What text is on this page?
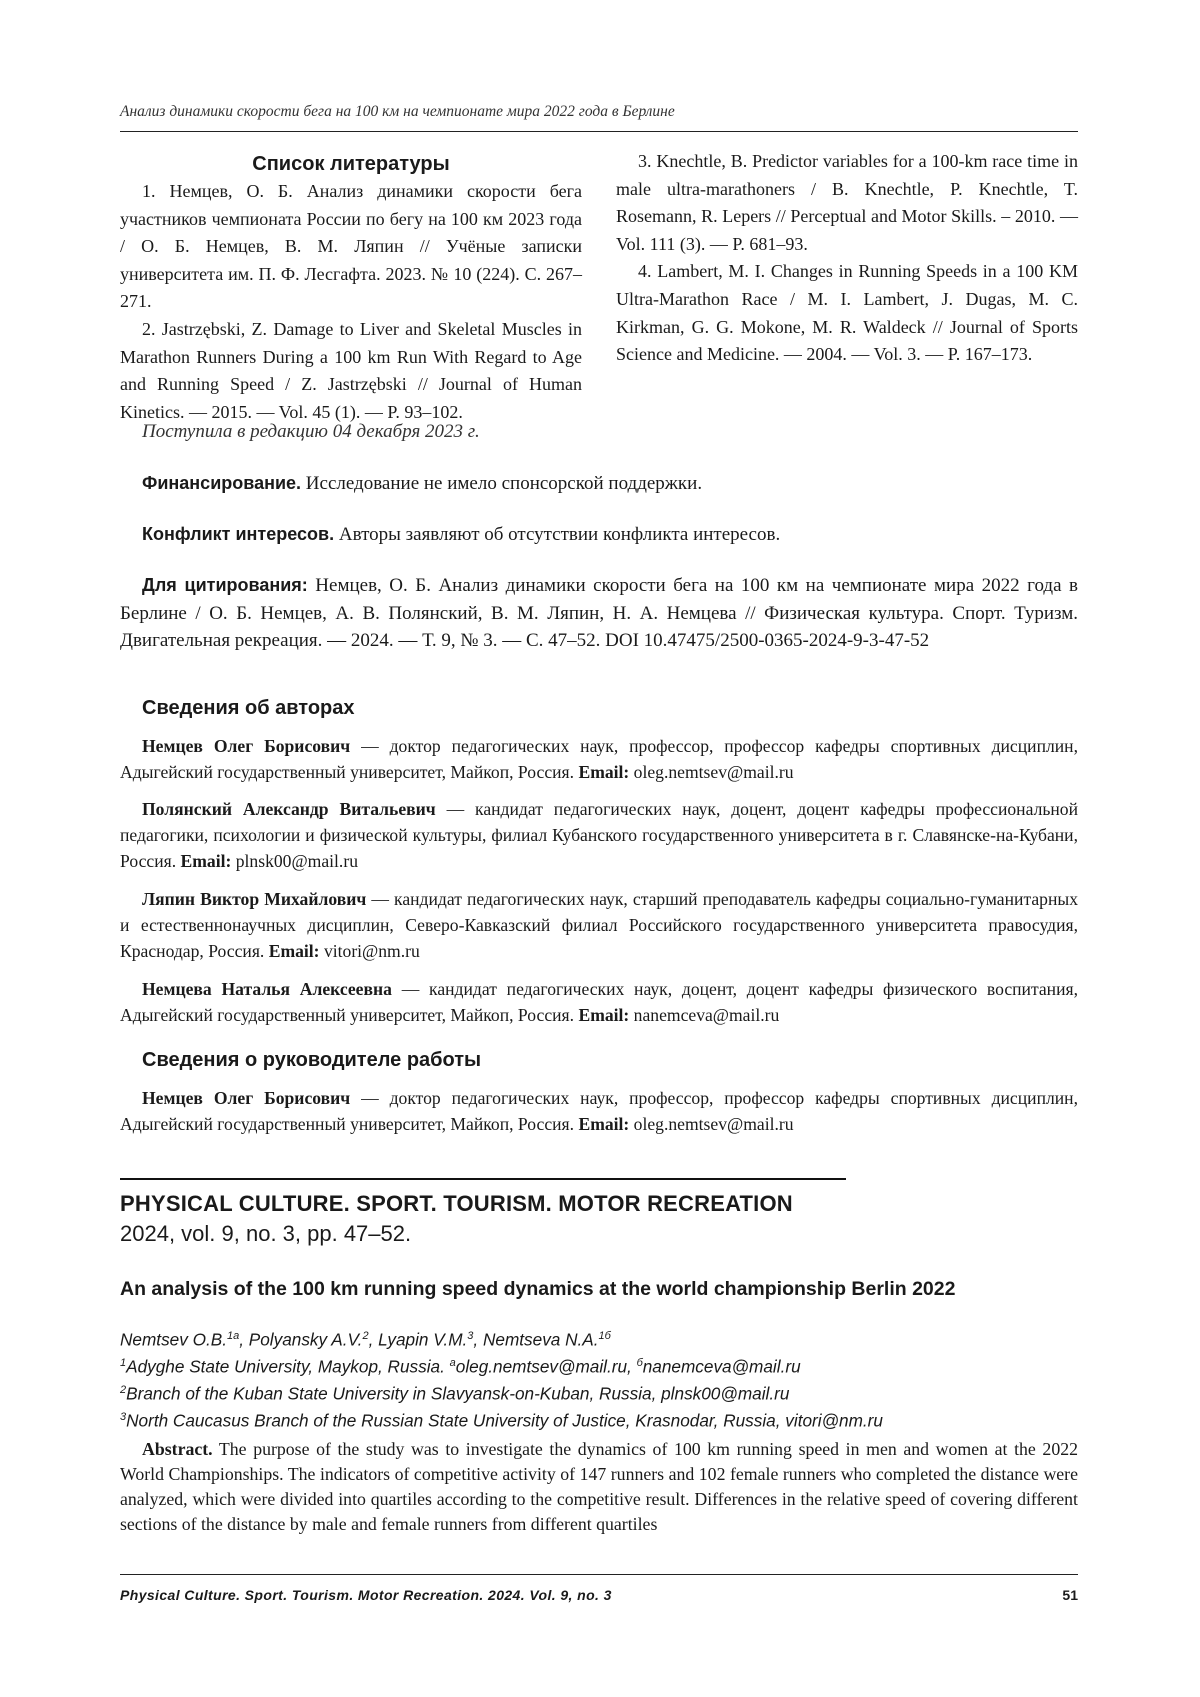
Анализ динамики скорости бега на 100 км на чемпионате мира 2022 года в Берлине
Список литературы

1. Немцев, О. Б. Анализ динамики скорости бега участников чемпионата России по бегу на 100 км 2023 года / О. Б. Немцев, В. М. Ляпин // Учёные записки университета им. П. Ф. Лесгафта. 2023. № 10 (224). С. 267–271.

2. Jastrzębski, Z. Damage to Liver and Skeletal Muscles in Marathon Runners During a 100 km Run With Regard to Age and Running Speed / Z. Jastrzębski // Journal of Human Kinetics. — 2015. — Vol. 45 (1). — P. 93–102.

3. Knechtle, B. Predictor variables for a 100-km race time in male ultra-marathoners / B. Knechtle, P. Knechtle, T. Rosemann, R. Lepers // Perceptual and Motor Skills. – 2010. — Vol. 111 (3). — P. 681–93.

4. Lambert, M. I. Changes in Running Speeds in a 100 KM Ultra-Marathon Race / M. I. Lambert, J. Dugas, M. C. Kirkman, G. G. Mokone, M. R. Waldeck // Journal of Sports Science and Medicine. — 2004. — Vol. 3. — P. 167–173.

Поступила в редакцию 04 декабря 2023 г.

Финансирование. Исследование не имело спонсорской поддержки.

Конфликт интересов. Авторы заявляют об отсутствии конфликта интересов.

Для цитирования: Немцев, О. Б. Анализ динамики скорости бега на 100 км на чемпионате мира 2022 года в Берлине / О. Б. Немцев, А. В. Полянский, В. М. Ляпин, Н. А. Немцева // Физическая культура. Спорт. Туризм. Двигательная рекреация. — 2024. — Т. 9, № 3. — С. 47–52. DOI 10.47475/2500-0365-2024-9-3-47-52

Сведения об авторах

Немцев Олег Борисович — доктор педагогических наук, профессор, профессор кафедры спортивных дисциплин, Адыгейский государственный университет, Майкоп, Россия. Email: oleg.nemtsev@mail.ru

Полянский Александр Витальевич — кандидат педагогических наук, доцент, доцент кафедры профессиональной педагогики, психологии и физической культуры, филиал Кубанского государственного университета в г. Славянске-на-Кубани, Россия. Email: plnsk00@mail.ru

Ляпин Виктор Михайлович — кандидат педагогических наук, старший преподаватель кафедры социально-гуманитарных и естественнонаучных дисциплин, Северо-Кавказский филиал Российского государственного университета правосудия, Краснодар, Россия. Email: vitori@nm.ru

Немцева Наталья Алексеевна — кандидат педагогических наук, доцент, доцент кафедры физического воспитания, Адыгейский государственный университет, Майкоп, Россия. Email: nanemceva@mail.ru

Сведения о руководителе работы

Немцев Олег Борисович — доктор педагогических наук, профессор, профессор кафедры спортивных дисциплин, Адыгейский государственный университет, Майкоп, Россия. Email: oleg.nemtsev@mail.ru

PHYSICAL CULTURE. SPORT. TOURISM. MOTOR RECREATION
2024, vol. 9, no. 3, pp. 47–52.
An analysis of the 100 km running speed dynamics at the world championship Berlin 2022
Nemtsev O.B.$^{1a}$, Polyansky A.V.$^2$, Lyapin V.M.$^3$, Nemtseva N.A.$^{1б}$
$^1$Adyghe State University, Maykop, Russia. $^a$oleg.nemtsev@mail.ru, $^б$nanemceva@mail.ru
$^2$Branch of the Kuban State University in Slavyansk-on-Kuban, Russia, plnsk00@mail.ru
$^3$North Caucasus Branch of the Russian State University of Justice, Krasnodar, Russia, vitori@nm.ru

Abstract. The purpose of the study was to investigate the dynamics of 100 km running speed in men and women at the 2022 World Championships. The indicators of competitive activity of 147 runners and 102 female runners who completed the distance were analyzed, which were divided into quartiles according to the competitive result. Differences in the relative speed of covering different sections of the distance by male and female runners from different quartiles

Physical Culture. Sport. Tourism. Motor Recreation. 2024. Vol. 9, no. 3	51
